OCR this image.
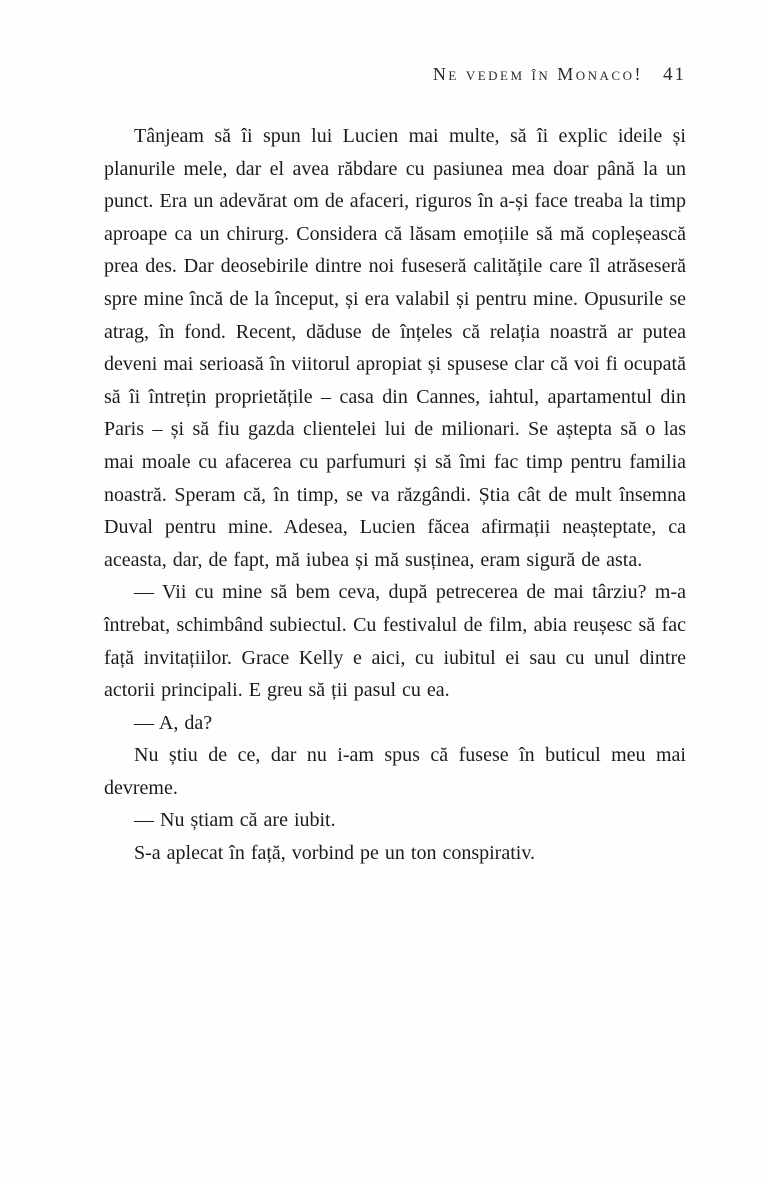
Ne vedem în Monaco! 41

Tânjeam să îi spun lui Lucien mai multe, să îi explic ideile și planurile mele, dar el avea răbdare cu pasiunea mea doar până la un punct. Era un adevărat om de afaceri, riguros în a-și face treaba la timp aproape ca un chirurg. Considera că lăsam emoțiile să mă copleșească prea des. Dar deosebirile dintre noi fuseseră calitățile care îl atrăseseră spre mine încă de la început, și era valabil și pentru mine. Opusurile se atrag, în fond. Recent, dăduse de înțeles că relația noastră ar putea deveni mai serioasă în viitorul apropiat și spusese clar că voi fi ocupată să îi întrețin proprietățile – casa din Cannes, iahtul, apartamentul din Paris – și să fiu gazda clientelei lui de milionari. Se aștepta să o las mai moale cu afacerea cu parfumuri și să îmi fac timp pentru familia noastră. Speram că, în timp, se va răzgândi. Știa cât de mult însemna Duval pentru mine. Adesea, Lucien făcea afirmații neașteptate, ca aceasta, dar, de fapt, mă iubea și mă susținea, eram sigură de asta.

— Vii cu mine să bem ceva, după petrecerea de mai târziu? m-a întrebat, schimbând subiectul. Cu festivalul de film, abia reușesc să fac față invitațiilor. Grace Kelly e aici, cu iubitul ei sau cu unul dintre actorii principali. E greu să ții pasul cu ea.

— A, da?

Nu știu de ce, dar nu i-am spus că fusese în buticul meu mai devreme.

— Nu știam că are iubit.

S-a aplecat în față, vorbind pe un ton conspirativ.
